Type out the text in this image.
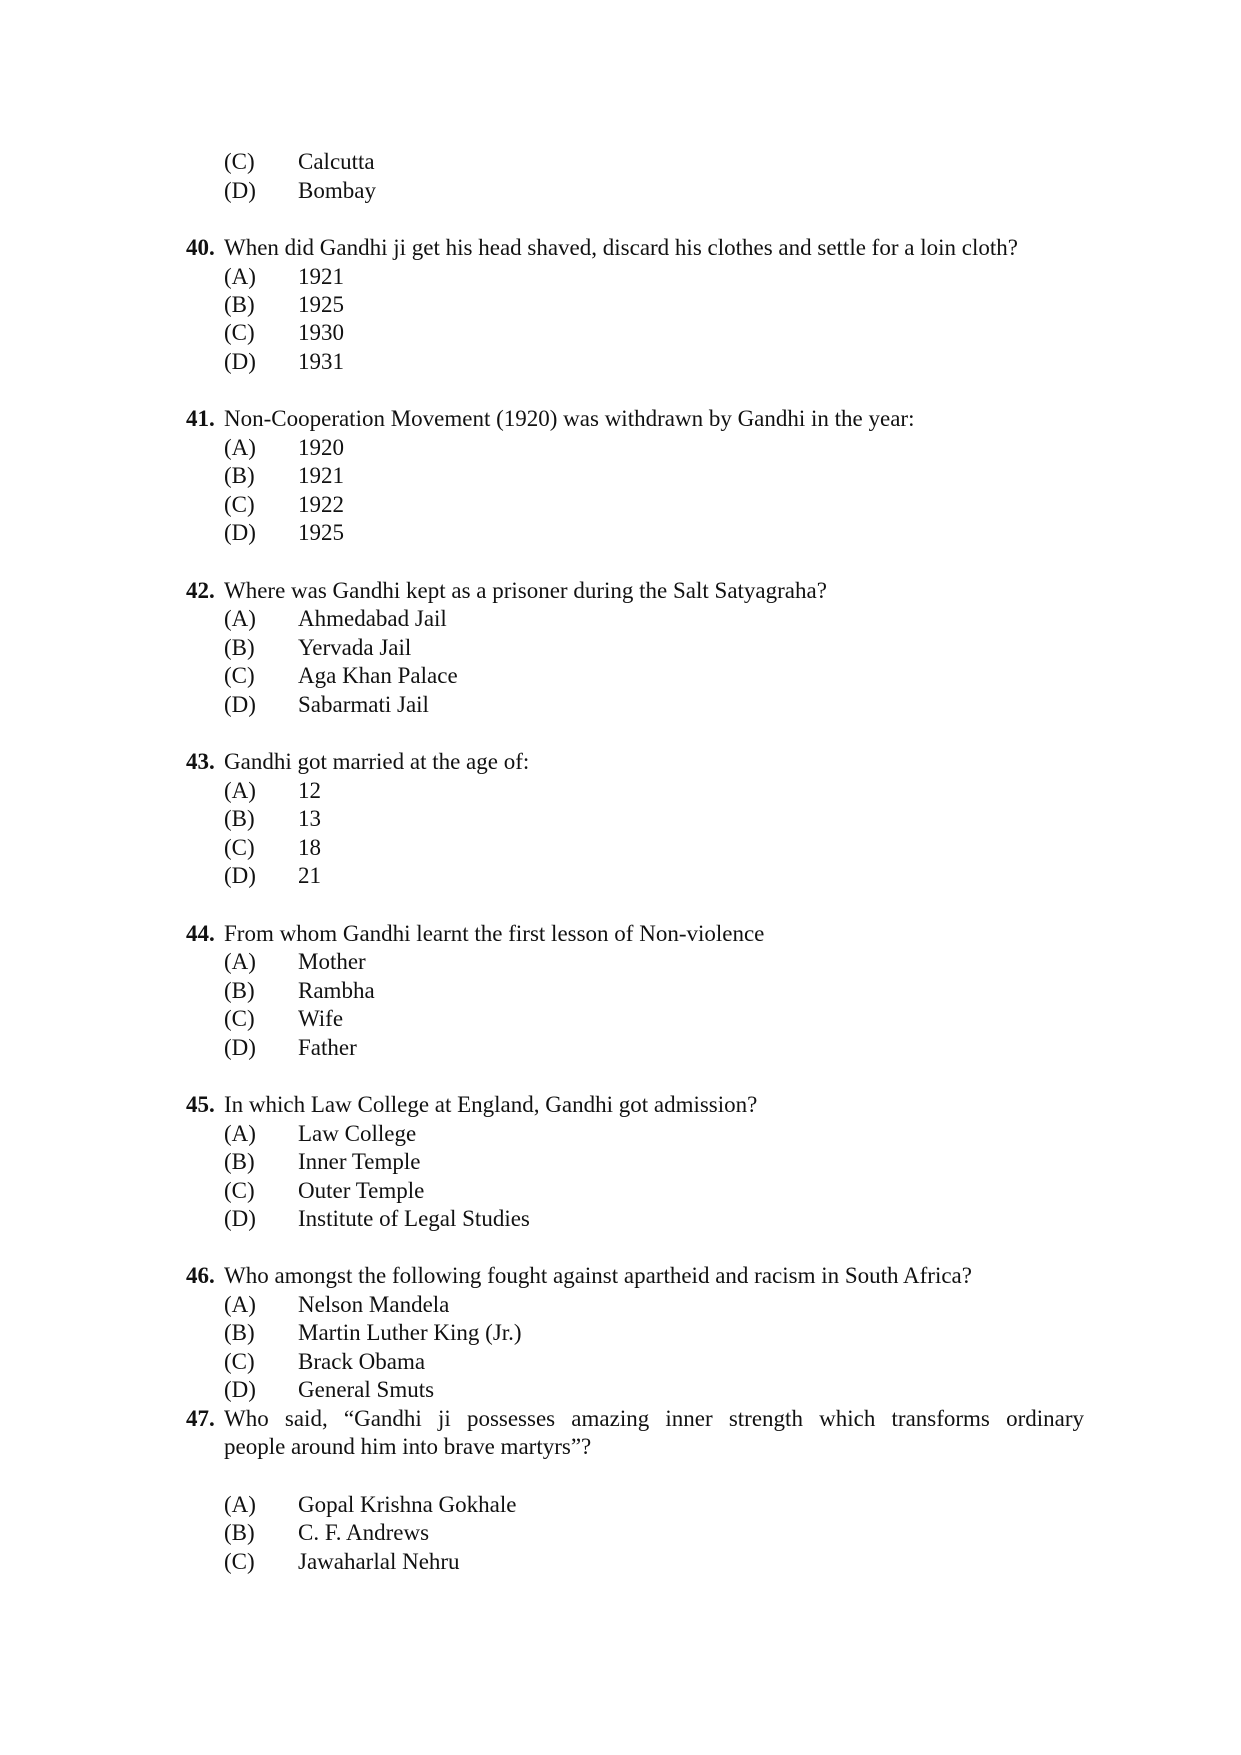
(C) Calcutta
(D) Bombay
40. When did Gandhi ji get his head shaved, discard his clothes and settle for a loin cloth?
(A) 1921
(B) 1925
(C) 1930
(D) 1931
41. Non-Cooperation Movement (1920) was withdrawn by Gandhi in the year:
(A) 1920
(B) 1921
(C) 1922
(D) 1925
42. Where was Gandhi kept as a prisoner during the Salt Satyagraha?
(A) Ahmedabad Jail
(B) Yervada Jail
(C) Aga Khan Palace
(D) Sabarmati Jail
43. Gandhi got married at the age of:
(A) 12
(B) 13
(C) 18
(D) 21
44. From whom Gandhi learnt the first lesson of Non-violence
(A) Mother
(B) Rambha
(C) Wife
(D) Father
45. In which Law College at England, Gandhi got admission?
(A) Law College
(B) Inner Temple
(C) Outer Temple
(D) Institute of Legal Studies
46. Who amongst the following fought against apartheid and racism in South Africa?
(A) Nelson Mandela
(B) Martin Luther King (Jr.)
(C) Brack Obama
(D) General Smuts
47. Who said, “Gandhi ji possesses amazing inner strength which transforms ordinary
people around him into brave martyrs”?
(A) Gopal Krishna Gokhale
(B) C. F. Andrews
(C) Jawaharlal Nehru
